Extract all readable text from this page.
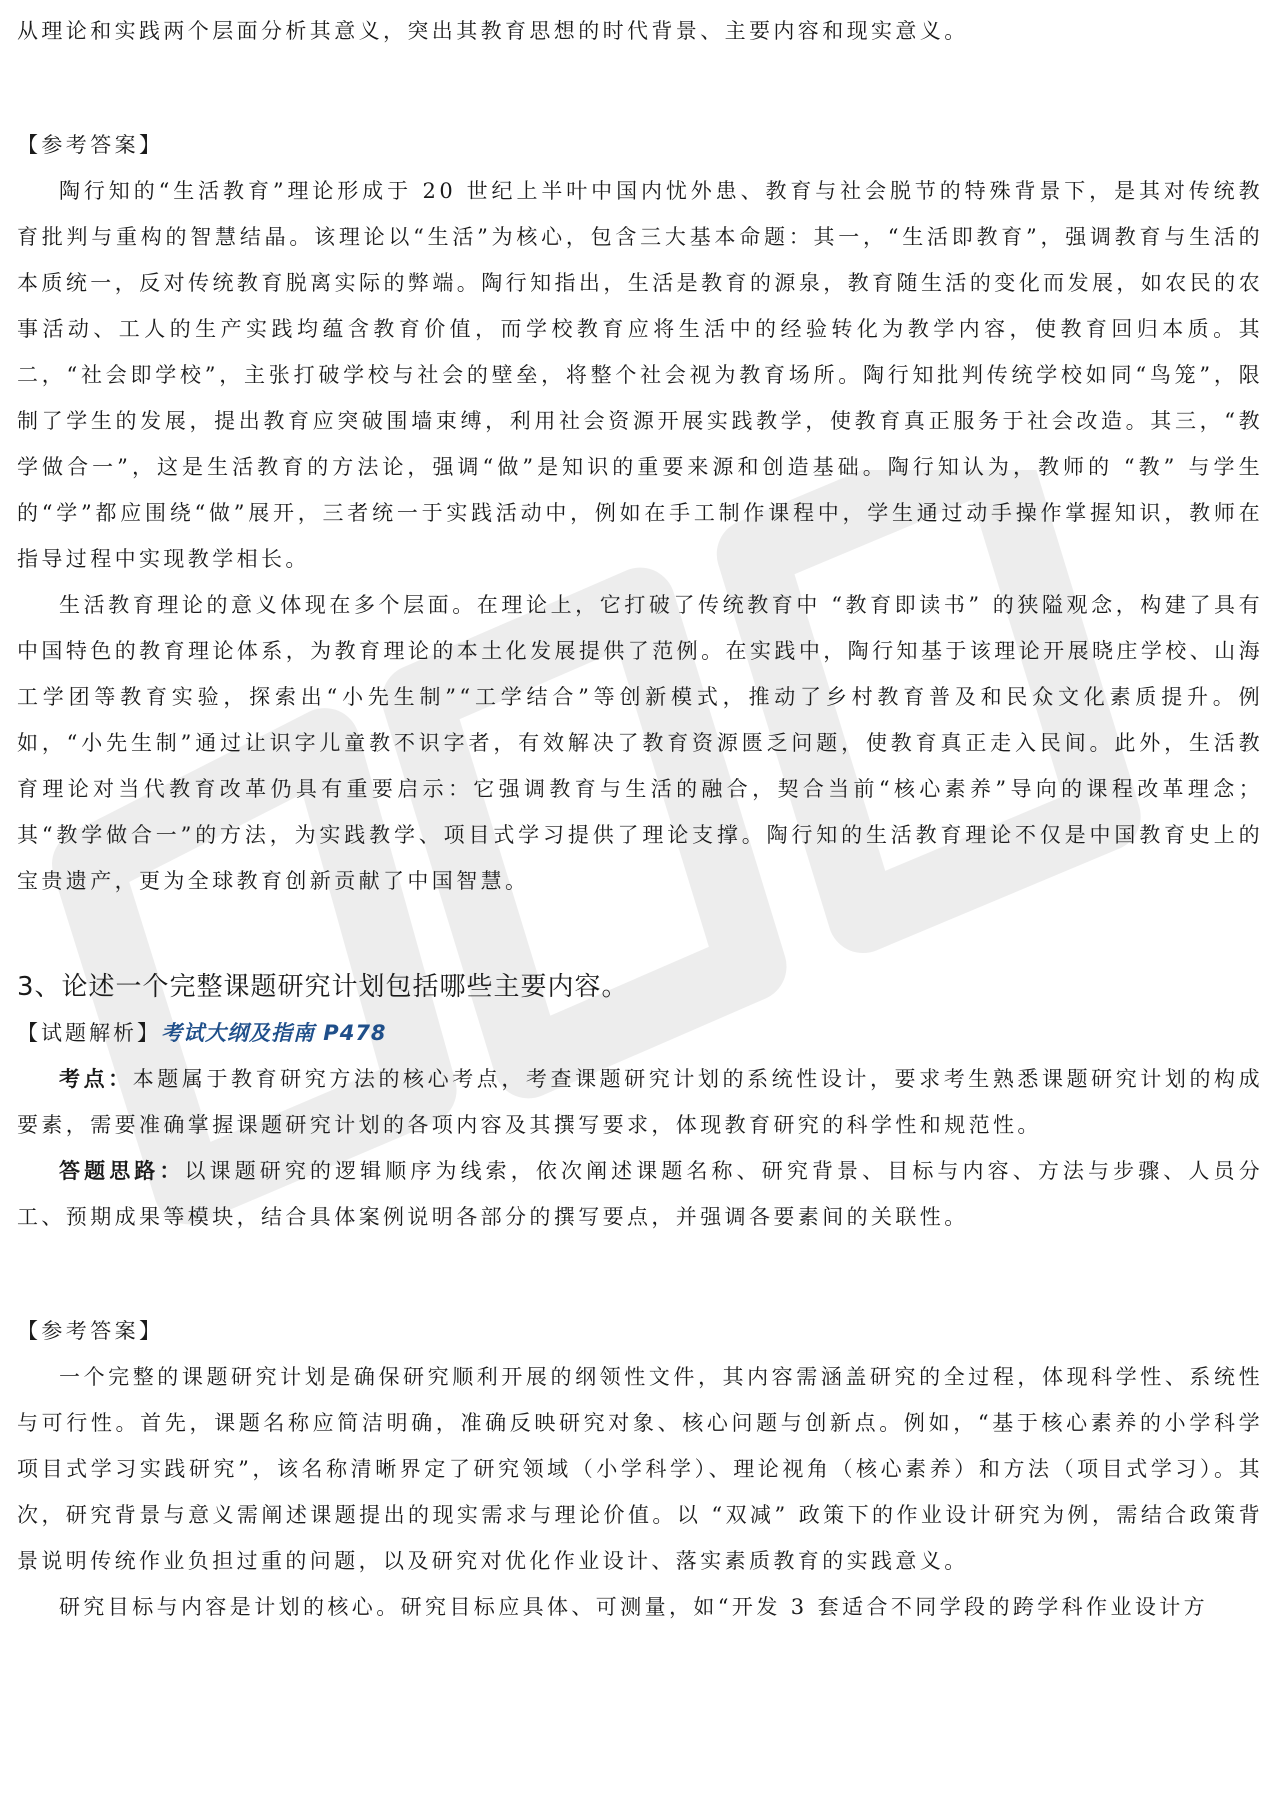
从理论和实践两个层面分析其意义，突出其教育思想的时代背景、主要内容和现实意义。

【参考答案】

陶行知的“生活教育”理论形成于 20 世纪上半叶中国内忧外患、教育与社会脱节的特殊背景下，是其对传统教育批判与重构的智慧结晶。该理论以“生活”为核心，包含三大基本命题：其一，“生活即教育”，强调教育与生活的本质统一，反对传统教育脱离实际的弊端。陶行知指出，生活是教育的源泉，教育随生活的变化而发展，如农民的农事活动、工人的生产实践均蕴含教育价值，而学校教育应将生活中的经验转化为教学内容，使教育回归本质。其二，“社会即学校”，主张打破学校与社会的壁垒，将整个社会视为教育场所。陶行知批判传统学校如同“鸟笼”，限制了学生的发展，提出教育应突破围墙束缚，利用社会资源开展实践教学，使教育真正服务于社会改造。其三，“教学做合一”，这是生活教育的方法论，强调“做”是知识的重要来源和创造基础。陶行知认为，教师的 “教” 与学生的“学”都应围绕“做”展开，三者统一于实践活动中，例如在手工制作课程中，学生通过动手操作掌握知识，教师在指导过程中实现教学相长。

生活教育理论的意义体现在多个层面。在理论上，它打破了传统教育中 “教育即读书” 的狭隘观念，构建了具有中国特色的教育理论体系，为教育理论的本土化发展提供了范例。在实践中，陶行知基于该理论开展晓庄学校、山海工学团等教育实验，探索出“小先生制”“工学结合”等创新模式，推动了乡村教育普及和民众文化素质提升。例如，“小先生制”通过让识字儿童教不识字者，有效解决了教育资源匮乏问题，使教育真正走入民间。此外，生活教育理论对当代教育改革仍具有重要启示：它强调教育与生活的融合，契合当前“核心素养”导向的课程改革理念；其“教学做合一”的方法，为实践教学、项目式学习提供了理论支撑。陶行知的生活教育理论不仅是中国教育史上的宝贵遗产，更为全球教育创新贡献了中国智慧。

3、论述一个完整课题研究计划包括哪些主要内容。

【试题解析】考试大纲及指南 P478

考点：本题属于教育研究方法的核心考点，考查课题研究计划的系统性设计，要求考生熟悉课题研究计划的构成要素，需要准确掌握课题研究计划的各项内容及其撰写要求，体现教育研究的科学性和规范性。

答题思路：以课题研究的逻辑顺序为线索，依次阐述课题名称、研究背景、目标与内容、方法与步骤、人员分工、预期成果等模块，结合具体案例说明各部分的撰写要点，并强调各要素间的关联性。

【参考答案】

一个完整的课题研究计划是确保研究顺利开展的纲领性文件，其内容需涵盖研究的全过程，体现科学性、系统性与可行性。首先，课题名称应简洁明确，准确反映研究对象、核心问题与创新点。例如，“基于核心素养的小学科学项目式学习实践研究”，该名称清晰界定了研究领域（小学科学）、理论视角（核心素养）和方法（项目式学习）。其次，研究背景与意义需阐述课题提出的现实需求与理论价值。以 “双减” 政策下的作业设计研究为例，需结合政策背景说明传统作业负担过重的问题，以及研究对优化作业设计、落实素质教育的实践意义。

研究目标与内容是计划的核心。研究目标应具体、可测量，如“开发 3 套适合不同学段的跨学科作业设计方
